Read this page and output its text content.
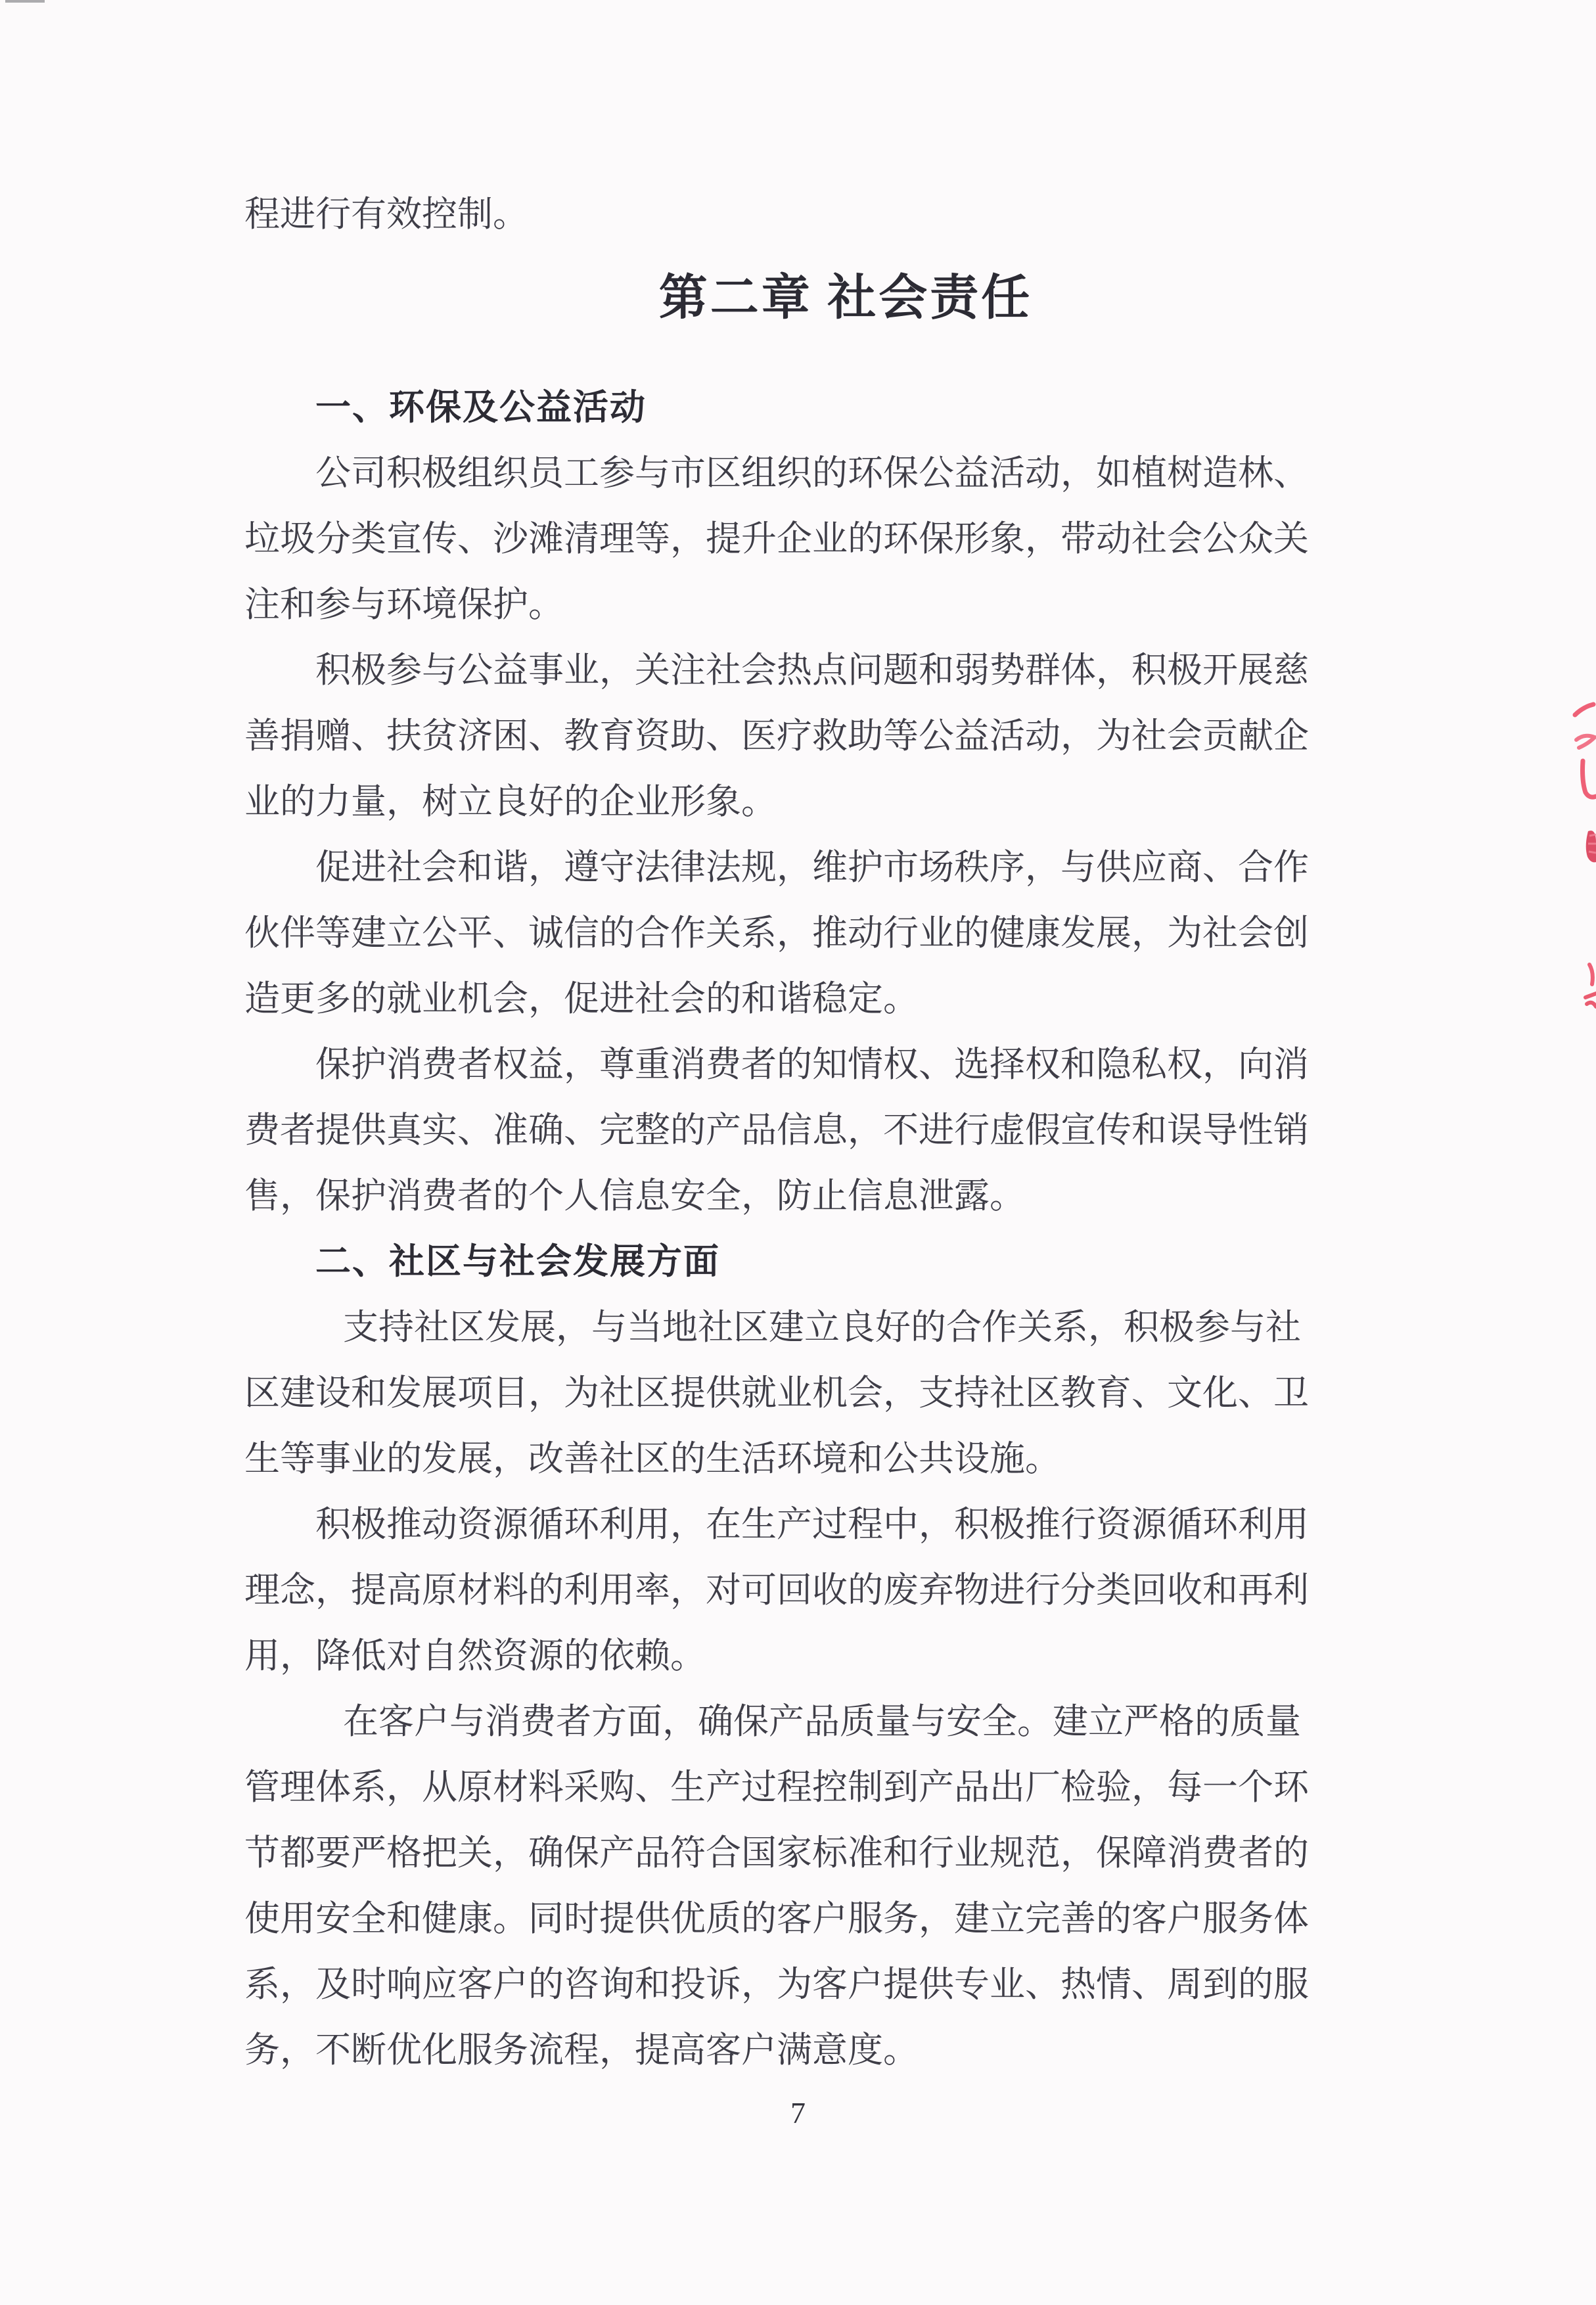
程进行有效控制。
第二章 社会责任
一、环保及公益活动
公司积极组织员工参与市区组织的环保公益活动，如植树造林、
垃圾分类宣传、沙滩清理等，提升企业的环保形象，带动社会公众关
注和参与环境保护。
积极参与公益事业，关注社会热点问题和弱势群体，积极开展慈
善捐赠、扶贫济困、教育资助、医疗救助等公益活动，为社会贡献企
业的力量，树立良好的企业形象。
促进社会和谐，遵守法律法规，维护市场秩序，与供应商、合作
伙伴等建立公平、诚信的合作关系，推动行业的健康发展，为社会创
造更多的就业机会，促进社会的和谐稳定。
保护消费者权益，尊重消费者的知情权、选择权和隐私权，向消
费者提供真实、准确、完整的产品信息，不进行虚假宣传和误导性销
售，保护消费者的个人信息安全，防止信息泄露。
二、社区与社会发展方面
支持社区发展，与当地社区建立良好的合作关系，积极参与社
区建设和发展项目，为社区提供就业机会，支持社区教育、文化、卫
生等事业的发展，改善社区的生活环境和公共设施。
积极推动资源循环利用，在生产过程中，积极推行资源循环利用
理念，提高原材料的利用率，对可回收的废弃物进行分类回收和再利
用，降低对自然资源的依赖。
在客户与消费者方面，确保产品质量与安全。建立严格的质量
管理体系，从原材料采购、生产过程控制到产品出厂检验，每一个环
节都要严格把关，确保产品符合国家标准和行业规范，保障消费者的
使用安全和健康。同时提供优质的客户服务，建立完善的客户服务体
系，及时响应客户的咨询和投诉，为客户提供专业、热情、周到的服
务，不断优化服务流程，提高客户满意度。
7
